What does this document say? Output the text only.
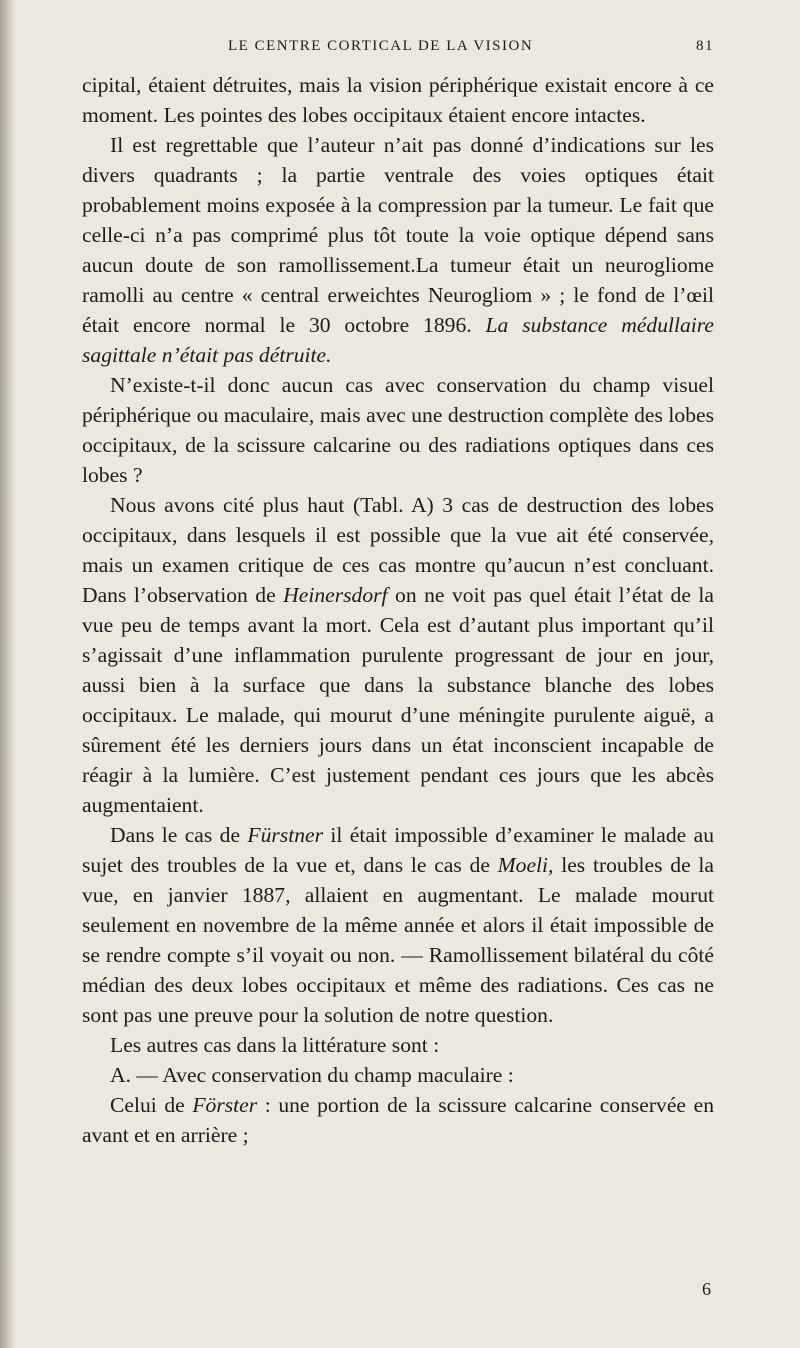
LE CENTRE CORTICAL DE LA VISION	81

cipital, étaient détruites, mais la vision périphérique existait encore à ce moment. Les pointes des lobes occipitaux étaient encore intactes.

Il est regrettable que l’auteur n’ait pas donné d’indications sur les divers quadrants ; la partie ventrale des voies optiques était probablement moins exposée à la compression par la tumeur. Le fait que celle-ci n’a pas comprimé plus tôt toute la voie optique dépend sans aucun doute de son ramollissement.La tumeur était un neurogliome ramolli au centre « central erweichtes Neurogliom » ; le fond de l’œil était encore normal le 30 octobre 1896. La substance médullaire sagittale n’était pas détruite.

N’existe-t-il donc aucun cas avec conservation du champ visuel périphérique ou maculaire, mais avec une destruction complète des lobes occipitaux, de la scissure calcarine ou des radiations optiques dans ces lobes ?

Nous avons cité plus haut (Tabl. A) 3 cas de destruction des lobes occipitaux, dans lesquels il est possible que la vue ait été conservée, mais un examen critique de ces cas montre qu’aucun n’est concluant. Dans l’observation de Heinersdorf on ne voit pas quel était l’état de la vue peu de temps avant la mort. Cela est d’autant plus important qu’il s’agissait d’une inflammation purulente progressant de jour en jour, aussi bien à la surface que dans la substance blanche des lobes occipitaux. Le malade, qui mourut d’une méningite purulente aiguë, a sûrement été les derniers jours dans un état inconscient incapable de réagir à la lumière. C’est justement pendant ces jours que les abcès augmentaient.

Dans le cas de Fürstner il était impossible d’examiner le malade au sujet des troubles de la vue et, dans le cas de Moeli, les troubles de la vue, en janvier 1887, allaient en augmentant. Le malade mourut seulement en novembre de la même année et alors il était impossible de se rendre compte s’il voyait ou non. — Ramollissement bilatéral du côté médian des deux lobes occipitaux et même des radiations. Ces cas ne sont pas une preuve pour la solution de notre question.

Les autres cas dans la littérature sont :

A. — Avec conservation du champ maculaire :

Celui de Förster : une portion de la scissure calcarine conservée en avant et en arrière ;

6
